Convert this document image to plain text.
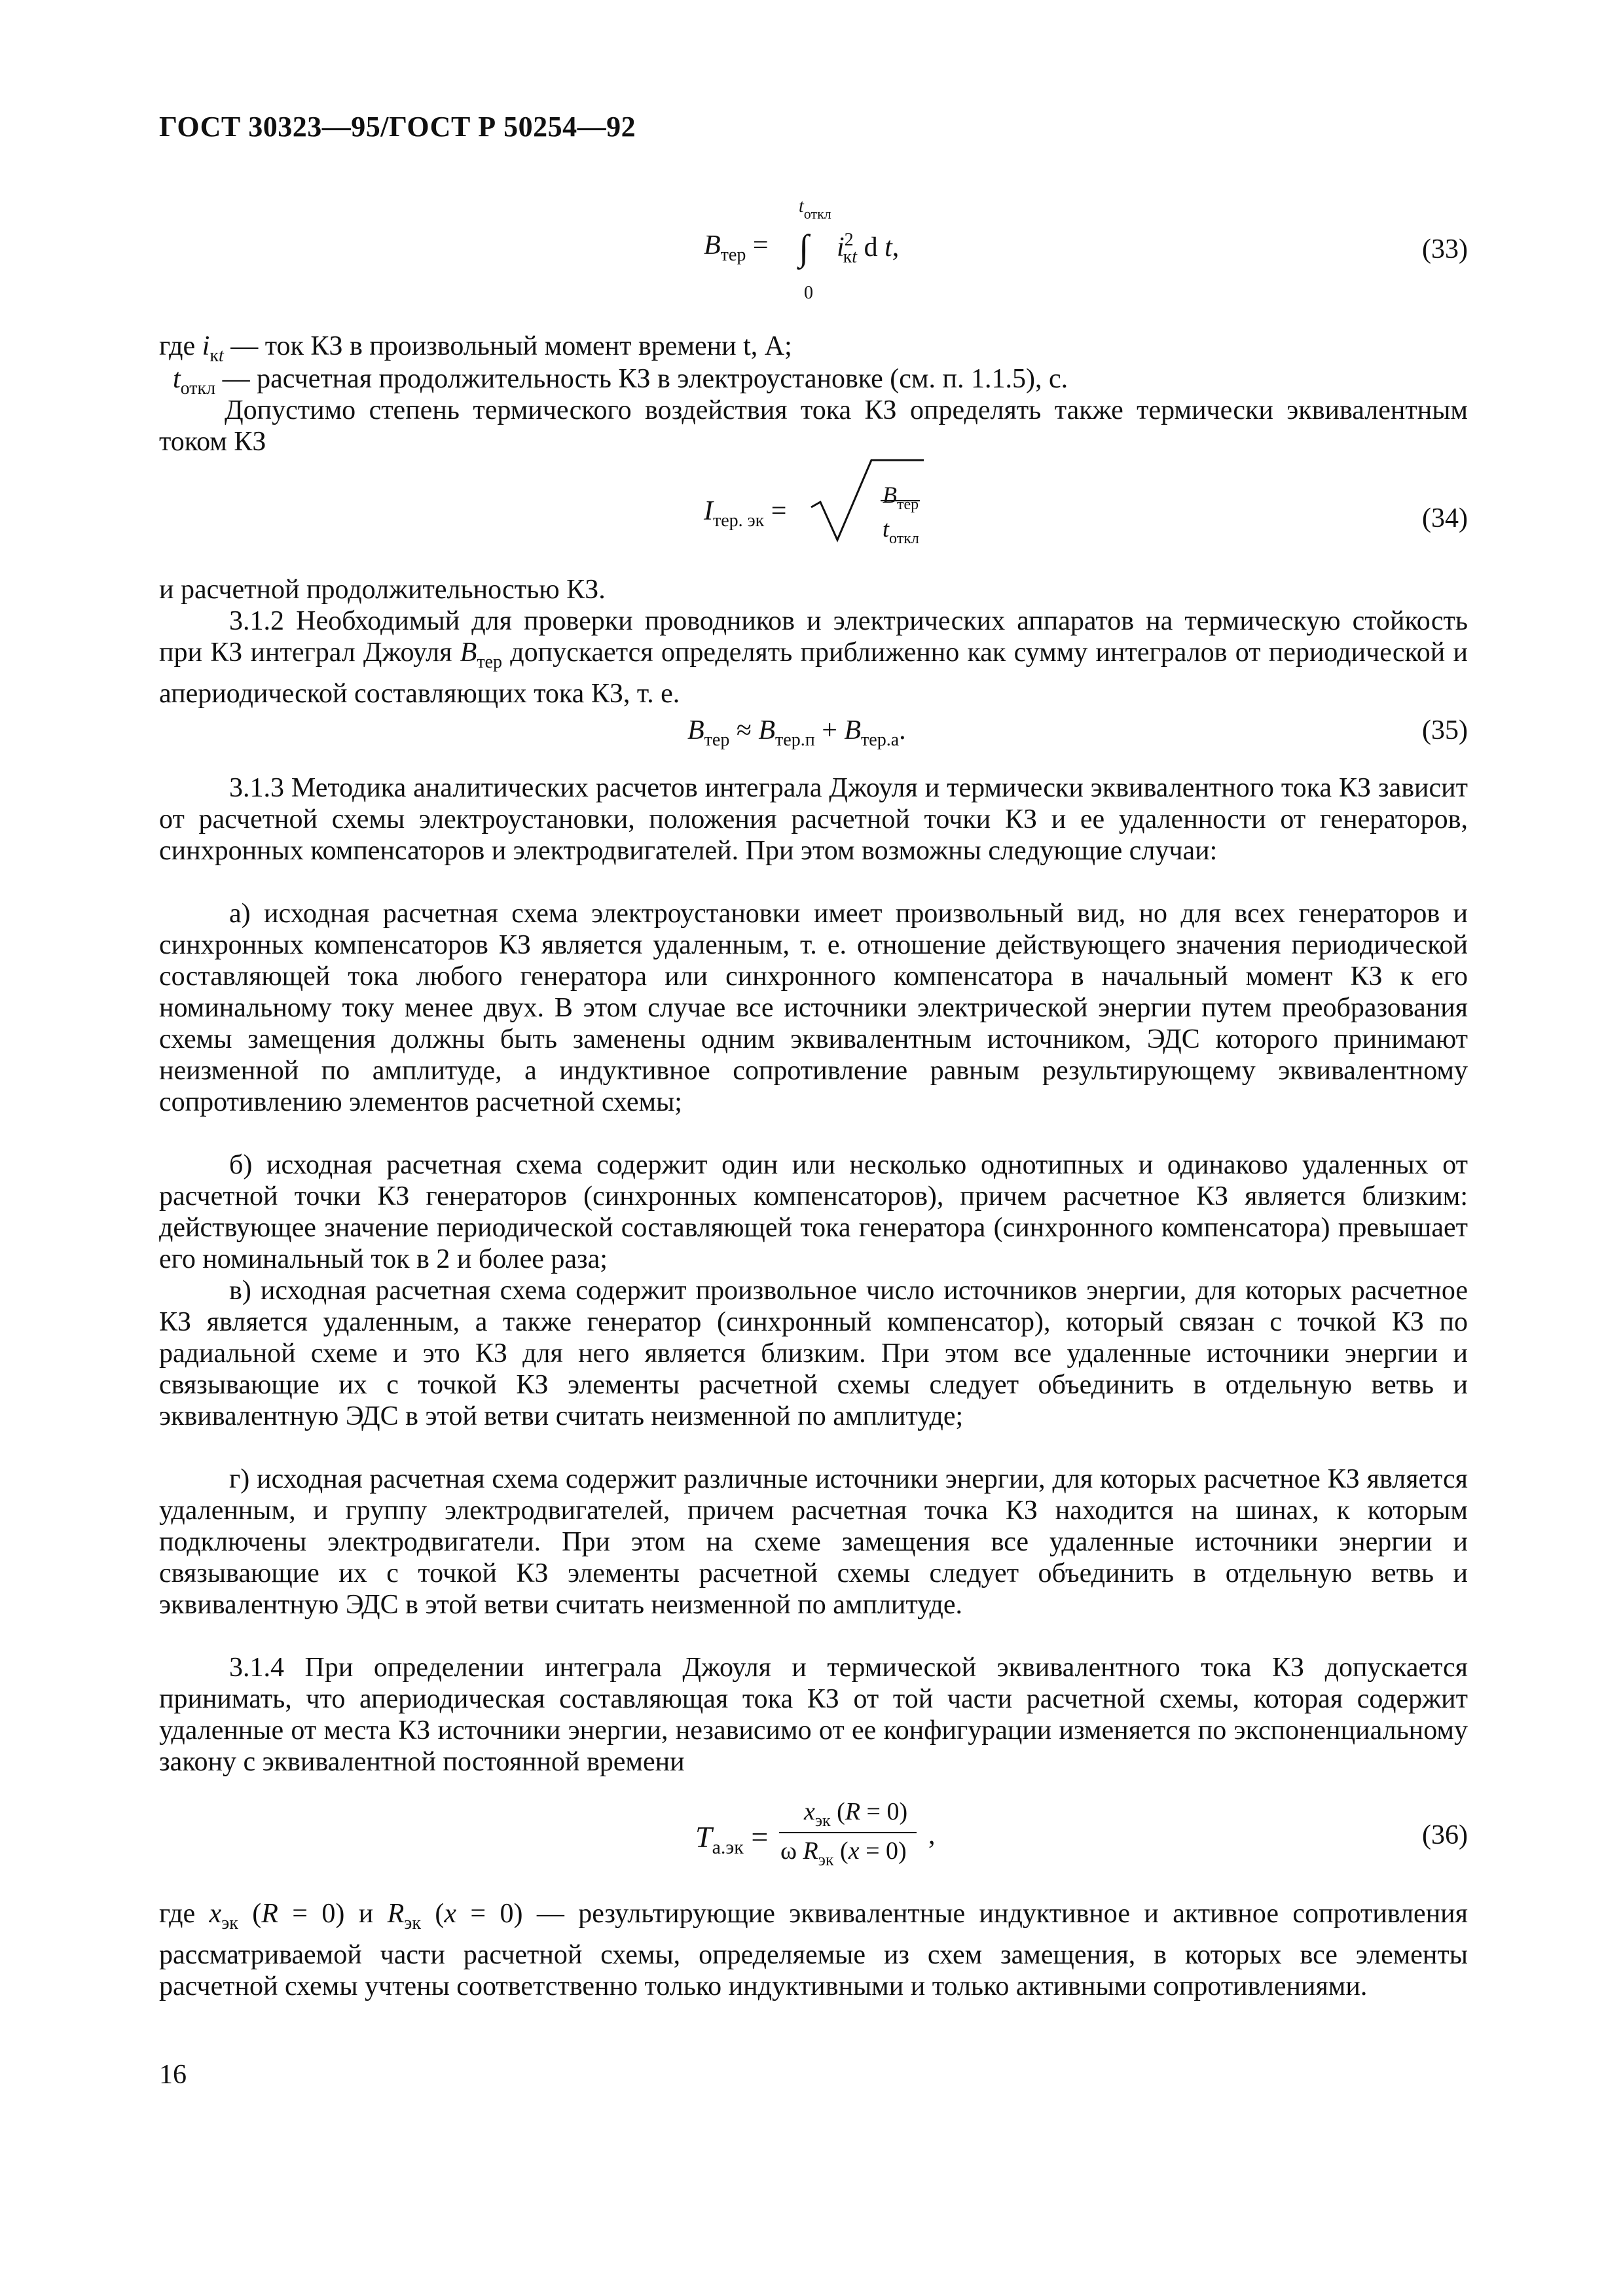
ГОСТ 30323—95/ГОСТ Р 50254—92
$B_{тер}$ =
$t_{откл}$
∫
0
$i^2_{кt}$ d t,	(33)
где $i_{кt}$ — ток КЗ в произвольный момент времени t, А;
$t_{откл}$ — расчетная продолжительность КЗ в электроустановке (см. п. 1.1.5), с.
Допустимо степень термического воздействия тока КЗ определять также термически эквивалентным током КЗ
$I_{тер. эк}$ =
$B_{тер}$
$t_{откл}$
(34)
и расчетной продолжительностью КЗ.
3.1.2 Необходимый для проверки проводников и электрических аппаратов на термическую стойкость при КЗ интеграл Джоуля $B_{тер}$ допускается определять приближенно как сумму интегралов от периодической и апериодической составляющих тока КЗ, т. е.
$B_{тер} \approx B_{тер.п} + B_{тер.а}$.	(35)
3.1.3 Методика аналитических расчетов интеграла Джоуля и термически эквивалентного тока КЗ зависит от расчетной схемы электроустановки, положения расчетной точки КЗ и ее удаленности от генераторов, синхронных компенсаторов и электродвигателей. При этом возможны следующие случаи:
а) исходная расчетная схема электроустановки имеет произвольный вид, но для всех генераторов и синхронных компенсаторов КЗ является удаленным, т. е. отношение действующего значения периодической составляющей тока любого генератора или синхронного компенсатора в начальный момент КЗ к его номинальному току менее двух. В этом случае все источники электрической энергии путем преобразования схемы замещения должны быть заменены одним эквивалентным источником, ЭДС которого принимают неизменной по амплитуде, а индуктивное сопротивление равным результирующему эквивалентному сопротивлению элементов расчетной схемы;
б) исходная расчетная схема содержит один или несколько однотипных и одинаково удаленных от расчетной точки КЗ генераторов (синхронных компенсаторов), причем расчетное КЗ является близким: действующее значение периодической составляющей тока генератора (синхронного компенсатора) превышает его номинальный ток в 2 и более раза;
в) исходная расчетная схема содержит произвольное число источников энергии, для которых расчетное КЗ является удаленным, а также генератор (синхронный компенсатор), который связан с точкой КЗ по радиальной схеме и это КЗ для него является близким. При этом все удаленные источники энергии и связывающие их с точкой КЗ элементы расчетной схемы следует объединить в отдельную ветвь и эквивалентную ЭДС в этой ветви считать неизменной по амплитуде;
г) исходная расчетная схема содержит различные источники энергии, для которых расчетное КЗ является удаленным, и группу электродвигателей, причем расчетная точка КЗ находится на шинах, к которым подключены электродвигатели. При этом на схеме замещения все удаленные источники энергии и связывающие их с точкой КЗ элементы расчетной схемы следует объединить в отдельную ветвь и эквивалентную ЭДС в этой ветви считать неизменной по амплитуде.
3.1.4 При определении интеграла Джоуля и термической эквивалентного тока КЗ допускается принимать, что апериодическая составляющая тока КЗ от той части расчетной схемы, которая содержит удаленные от места КЗ источники энергии, независимо от ее конфигурации изменяется по экспоненциальному закону с эквивалентной постоянной времени
$T_{а.эк}$ =
$x_{эк}$ (R = 0)
ω $R_{эк}$ (x = 0)
,	(36)
где $x_{эк}$ (R = 0) и $R_{эк}$ (x = 0) — результирующие эквивалентные индуктивное и активное сопротивления рассматриваемой части расчетной схемы, определяемые из схем замещения, в которых все элементы расчетной схемы учтены соответственно только индуктивными и только активными сопротивлениями.
16
